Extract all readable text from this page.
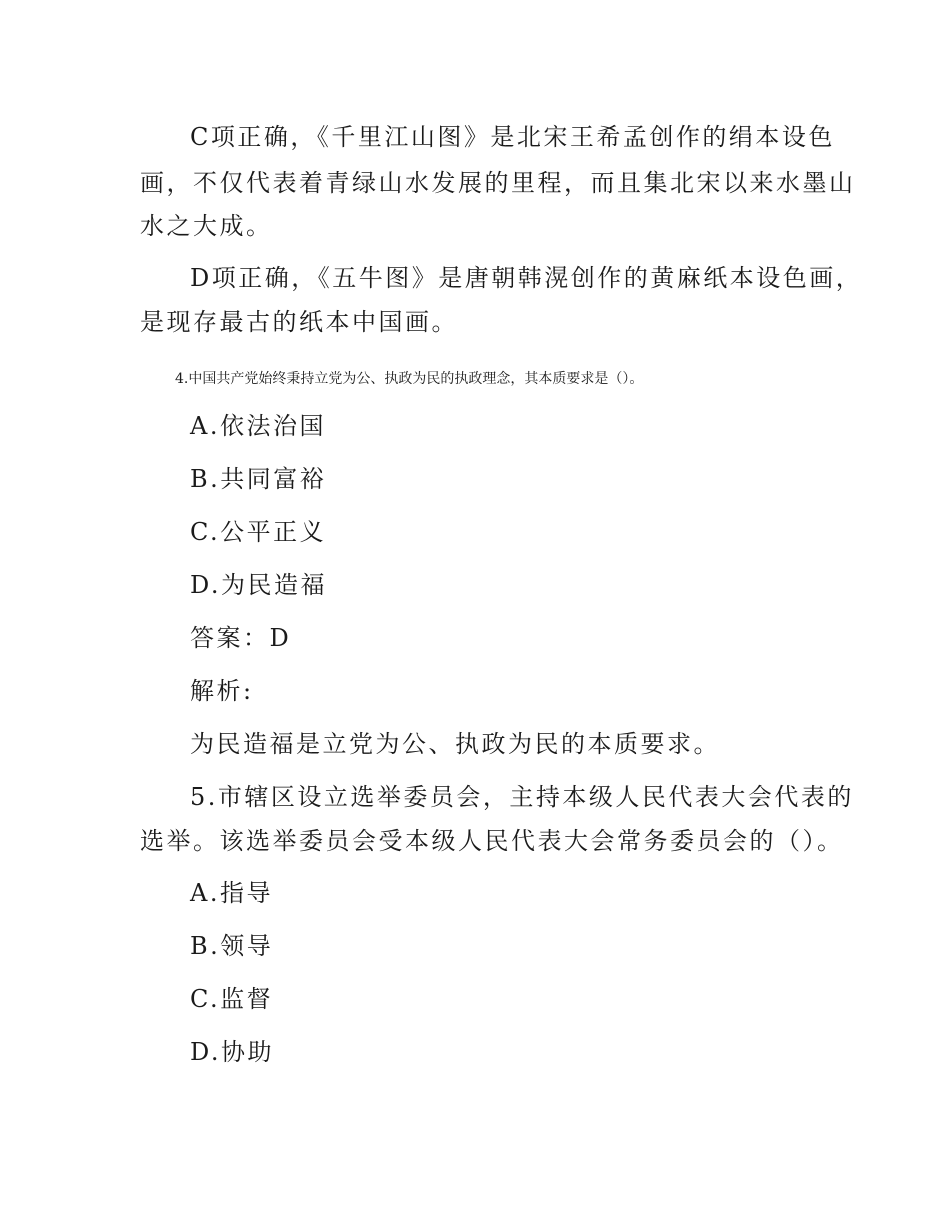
C项正确，《千里江山图》是北宋王希孟创作的绢本设色

画，不仅代表着青绿山水发展的里程，而且集北宋以来水墨山

水之大成。

D项正确，《五牛图》是唐朝韩滉创作的黄麻纸本设色画，

是现存最古的纸本中国画。

4.中国共产党始终秉持立党为公、执政为民的执政理念，其本质要求是（）。

A.依法治国

B.共同富裕

C.公平正义

D.为民造福

答案：D

解析:

为民造福是立党为公、执政为民的本质要求。

5.市辖区设立选举委员会，主持本级人民代表大会代表的

选举。该选举委员会受本级人民代表大会常务委员会的（）。

A.指导

B.领导

C.监督

D.协助
